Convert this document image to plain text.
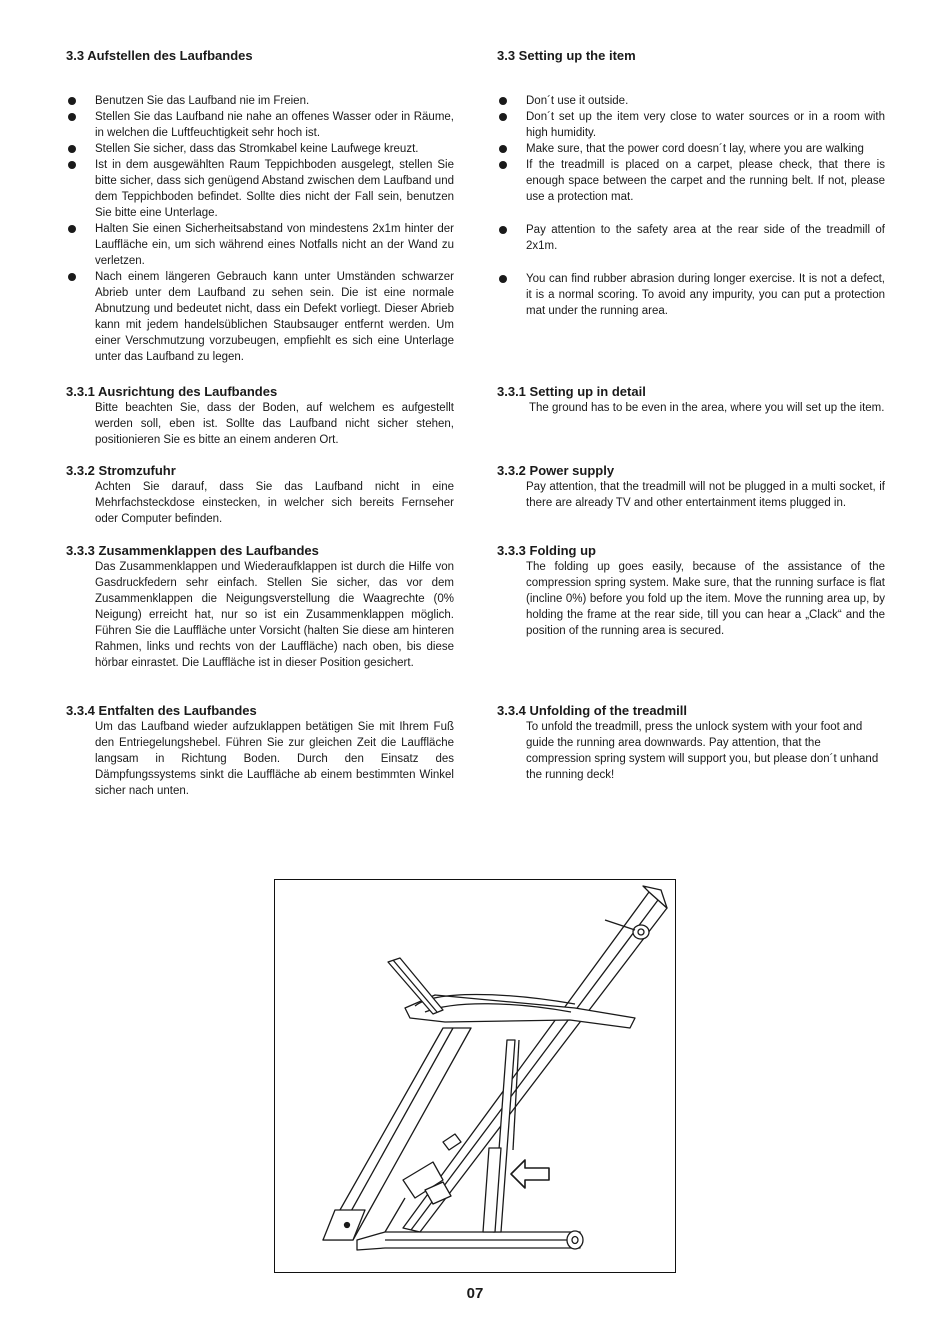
3.3 Aufstellen des Laufbandes
Benutzen Sie das Laufband nie im Freien.
Stellen Sie das Laufband nie nahe an offenes Wasser oder in Räume, in welchen die Luftfeuchtigkeit sehr hoch ist.
Stellen Sie sicher, dass das Stromkabel keine Laufwege kreuzt.
Ist in dem ausgewählten Raum Teppichboden ausgelegt, stellen Sie bitte sicher, dass sich genügend Abstand zwischen dem Laufband und dem Teppichboden befindet. Sollte dies nicht der Fall sein, benutzen Sie bitte eine Unterlage.
Halten Sie einen Sicherheitsabstand von mindestens 2x1m hinter der Lauffläche ein, um sich während eines Notfalls nicht an der Wand zu verletzen.
Nach einem längeren Gebrauch kann unter Umständen schwarzer Abrieb unter dem Laufband zu sehen sein. Die ist eine normale Abnutzung und bedeutet nicht, dass ein Defekt vorliegt. Dieser Abrieb kann mit jedem handelsüblichen Staubsauger entfernt werden. Um einer Verschmutzung vorzubeugen, empfiehlt es sich eine Unterlage unter das Laufband zu legen.
3.3.1 Ausrichtung des Laufbandes

Bitte beachten Sie, dass der Boden, auf welchem es aufgestellt werden soll, eben ist. Sollte das Laufband nicht sicher stehen, positionieren Sie es bitte an einem anderen Ort.

3.3.2 Stromzufuhr

Achten Sie darauf, dass Sie das Laufband nicht in eine Mehrfachsteckdose einstecken, in welcher sich bereits Fernseher oder Computer befinden.

3.3.3 Zusammenklappen des Laufbandes

Das Zusammenklappen und Wiederaufklappen ist durch die Hilfe von Gasdruckfedern sehr einfach. Stellen Sie sicher, das vor dem Zusammenklappen die Neigungsverstellung die Waagrechte (0% Neigung) erreicht hat, nur so ist ein Zusammenklappen möglich. Führen Sie die Lauffläche unter Vorsicht (halten Sie diese am hinteren Rahmen, links und rechts von der Lauffläche) nach oben, bis diese hörbar einrastet. Die Lauffläche ist in dieser Position gesichert.

3.3.4 Entfalten des Laufbandes

Um das Laufband wieder aufzuklappen betätigen Sie mit Ihrem Fuß den Entriegelungshebel. Führen Sie zur gleichen Zeit die Lauffläche langsam in Richtung Boden. Durch den Einsatz des Dämpfungssystems sinkt die Lauffläche ab einem bestimmten Winkel sicher nach unten.

3.3 Setting up the item
Don´t use it outside.
Don´t set up the item very close to water sources or in a room with high humidity.
Make sure, that the power cord doesn´t lay, where you are walking
If the treadmill is placed on a carpet, please check, that there is enough space between the carpet and the running belt. If not, please use a protection mat.
Pay attention to the safety area at the rear side of the treadmill of 2x1m.
You can find rubber abrasion during longer exercise. It is not a defect, it is a normal scoring. To avoid any impurity, you can put a protection mat under the running area.
3.3.1 Setting up in detail

The ground has to be even in the area, where you will set up the item.

3.3.2 Power supply

Pay attention, that the treadmill will not be plugged in a multi socket, if there are already TV and other entertainment items plugged in.

3.3.3 Folding up

The folding up goes easily, because of the assistance of the compression spring system. Make sure, that the running surface is flat (incline 0%) before you fold up the item. Move the running area up, by holding the frame at the rear side, till you can hear a „Clack“ and the position of the running area is secured.

3.3.4 Unfolding of the treadmill

To unfold the treadmill, press the unlock system with your foot and guide the running area downwards. Pay attention, that the compression spring system will support you, but please don´t unhand the running deck!

07
